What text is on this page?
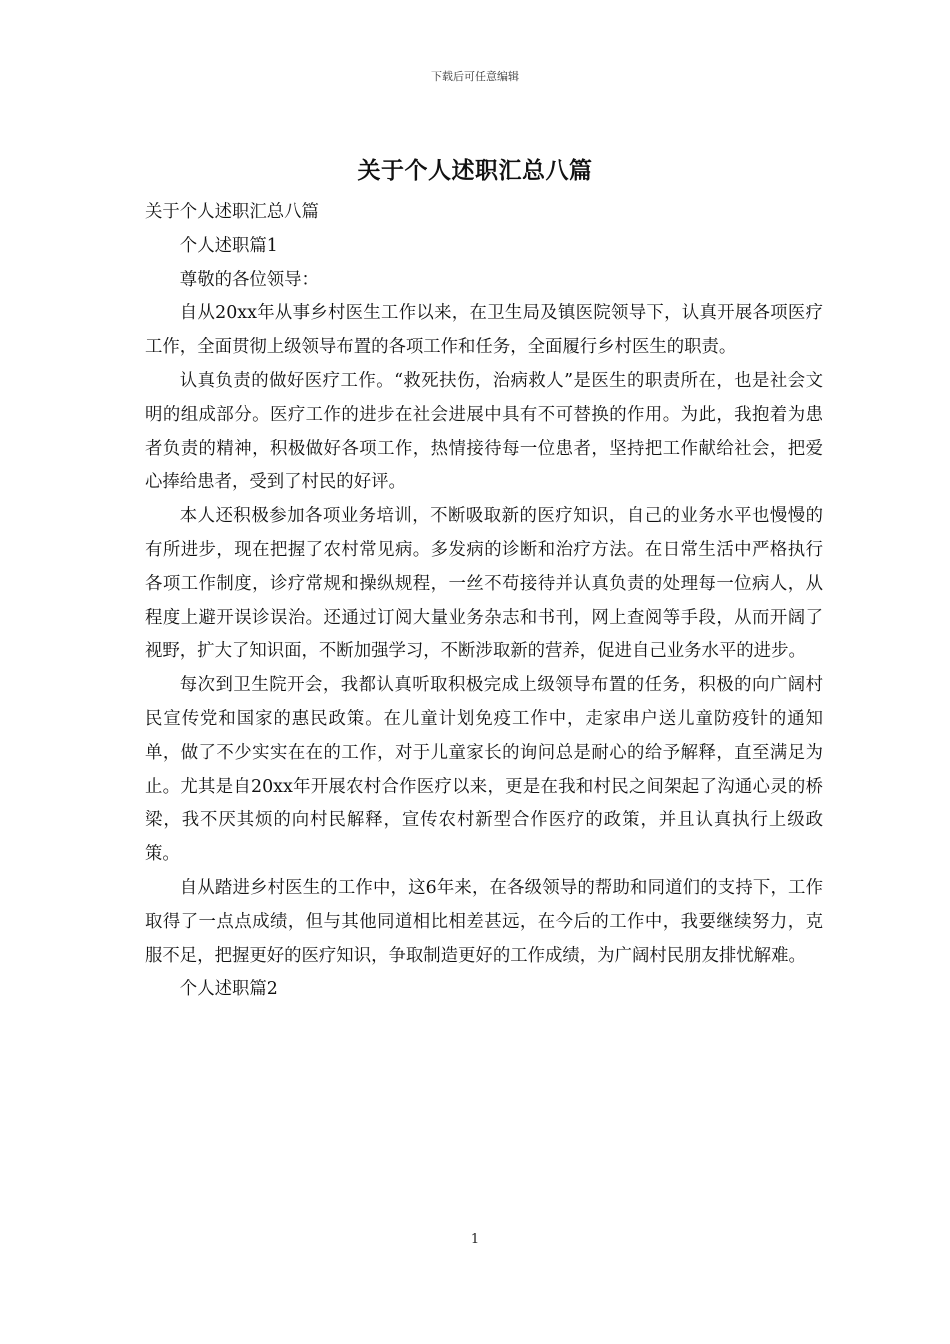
下载后可任意编辑
关于个人述职汇总八篇

关于个人述职汇总八篇

个人述职篇1

尊敬的各位领导：

自从20xx年从事乡村医生工作以来，在卫生局及镇医院领导下，认真开展各项医疗工作，全面贯彻上级领导布置的各项工作和任务，全面履行乡村医生的职责。

认真负责的做好医疗工作。“救死扶伤，治病救人”是医生的职责所在，也是社会文明的组成部分。医疗工作的进步在社会进展中具有不可替换的作用。为此，我抱着为患者负责的精神，积极做好各项工作，热情接待每一位患者，坚持把工作献给社会，把爱心捧给患者，受到了村民的好评。

本人还积极参加各项业务培训，不断吸取新的医疗知识，自己的业务水平也慢慢的有所进步，现在把握了农村常见病。多发病的诊断和治疗方法。在日常生活中严格执行各项工作制度，诊疗常规和操纵规程，一丝不苟接待并认真负责的处理每一位病人，从程度上避开误诊误治。还通过订阅大量业务杂志和书刊，网上查阅等手段，从而开阔了视野，扩大了知识面，不断加强学习，不断涉取新的营养，促进自己业务水平的进步。

每次到卫生院开会，我都认真听取积极完成上级领导布置的任务，积极的向广阔村民宣传党和国家的惠民政策。在儿童计划免疫工作中，走家串户送儿童防疫针的通知单，做了不少实实在在的工作，对于儿童家长的询问总是耐心的给予解释，直至满足为止。尤其是自20xx年开展农村合作医疗以来，更是在我和村民之间架起了沟通心灵的桥梁，我不厌其烦的向村民解释，宣传农村新型合作医疗的政策，并且认真执行上级政策。

自从踏进乡村医生的工作中，这6年来，在各级领导的帮助和同道们的支持下，工作取得了一点点成绩，但与其他同道相比相差甚远，在今后的工作中，我要继续努力，克服不足，把握更好的医疗知识，争取制造更好的工作成绩，为广阔村民朋友排忧解难。

个人述职篇2

1
